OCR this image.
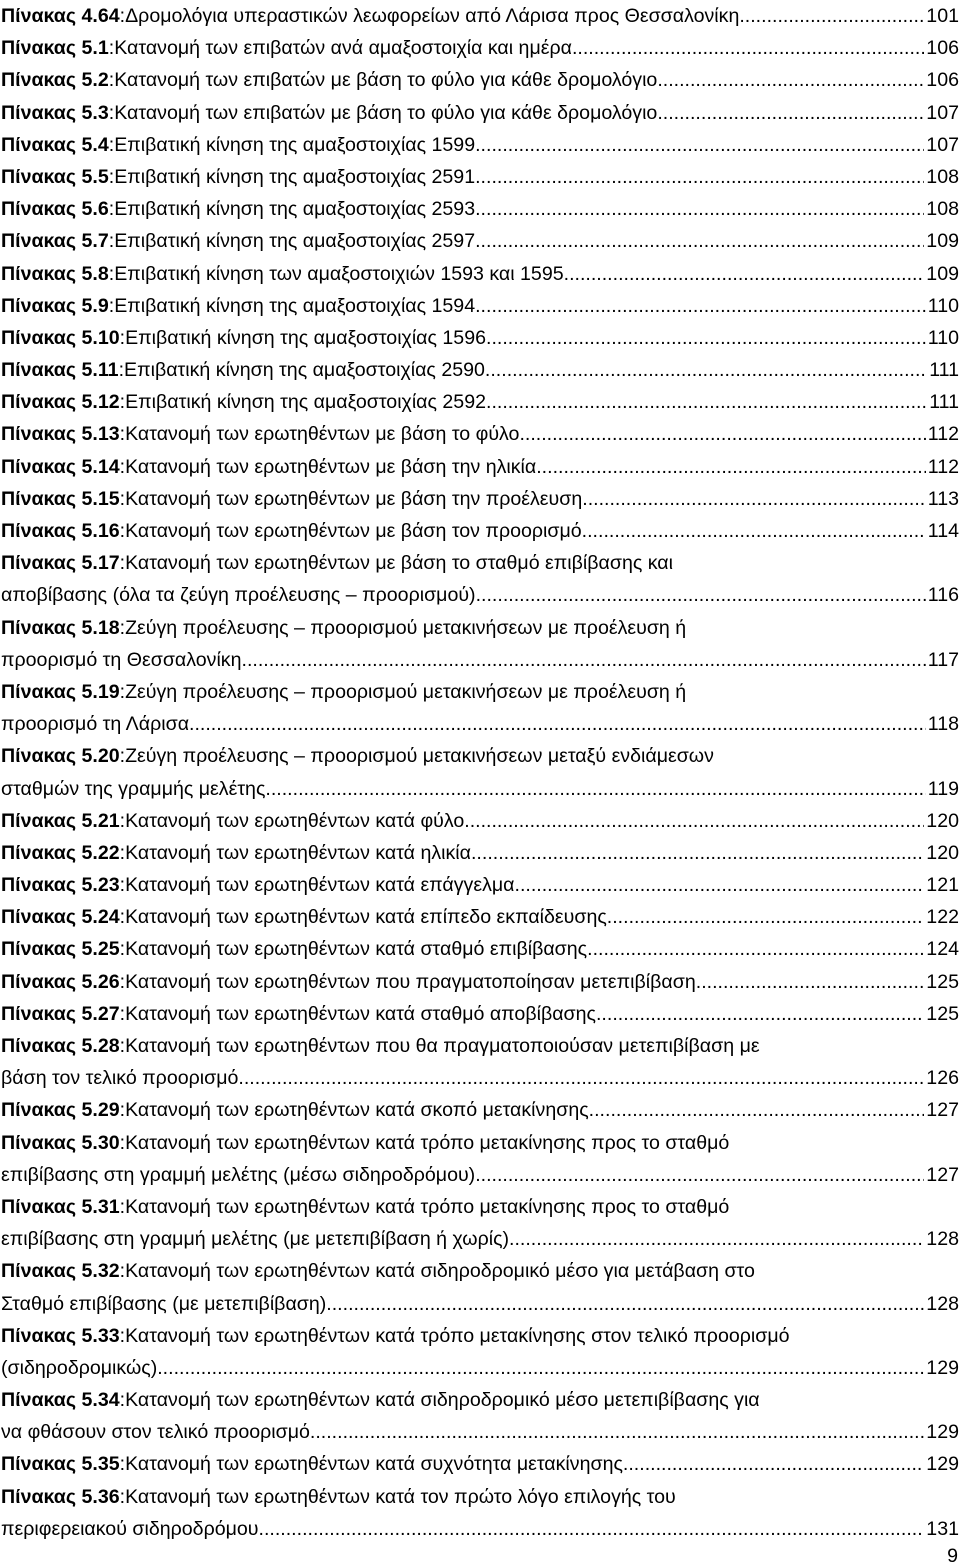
Πίνακας 4. 64 :Δρομολόγια υπεραστικών λεωφορείων από Λάρισα προς Θεσσαλονίκη .....	101
Πίνακας 5. 1 :Κατανομή των επιβατών ανά αμαξοστοιχία και ημέρα .....	106
Πίνακας 5. 2 :Κατανομή των επιβατών με βάση το φύλο για κάθε δρομολόγιο .....	106
Πίνακας 5. 3 :Κατανομή των επιβατών με βάση το φύλο για κάθε δρομολόγιο .....	107
Πίνακας 5. 4 :Επιβατική κίνηση της αμαξοστοιχίας 1599 .....	107
Πίνακας 5. 5 :Επιβατική κίνηση της αμαξοστοιχίας 2591 .....	108
Πίνακας 5. 6 :Επιβατική κίνηση της αμαξοστοιχίας 2593 .....	108
Πίνακας 5. 7 :Επιβατική κίνηση της αμαξοστοιχίας 2597 .....	109
Πίνακας 5. 8 :Επιβατική κίνηση των αμαξοστοιχιών 1593 και 1595 .....	109
Πίνακας 5. 9 :Επιβατική κίνηση της αμαξοστοιχίας 1594 .....	110
Πίνακας 5. 10 :Επιβατική κίνηση της αμαξοστοιχίας 1596 .....	110
Πίνακας 5. 11 :Επιβατική κίνηση της αμαξοστοιχίας 2590 .....	111
Πίνακας 5. 12 :Επιβατική κίνηση της αμαξοστοιχίας 2592 .....	111
Πίνακας 5. 13 :Κατανομή των ερωτηθέντων με βάση το φύλο .....	112
Πίνακας 5. 14 :Κατανομή των ερωτηθέντων με βάση την ηλικία .....	112
Πίνακας 5. 15 :Κατανομή των ερωτηθέντων με βάση την προέλευση .....	113
Πίνακας 5. 16 :Κατανομή των ερωτηθέντων με βάση τον προορισμό .....	114
Πίνακας 5. 17 :Κατανομή των ερωτηθέντων με βάση το σταθμό επιβίβασης και
αποβίβασης (όλα τα ζεύγη προέλευσης – προορισμού) .....	116
Πίνακας 5. 18 :Ζεύγη προέλευσης – προορισμού μετακινήσεων με προέλευση ή
προορισμό τη Θεσσαλονίκη .....	117
Πίνακας 5. 19 :Ζεύγη προέλευσης – προορισμού μετακινήσεων με προέλευση ή
προορισμό τη Λάρισα .....	118
Πίνακας 5. 20 :Ζεύγη προέλευσης – προορισμού μετακινήσεων μεταξύ ενδιάμεσων
σταθμών της γραμμής μελέτης .....	119
Πίνακας 5. 21 :Κατανομή των ερωτηθέντων κατά φύλο .....	120
Πίνακας 5. 22 :Κατανομή των ερωτηθέντων κατά ηλικία .....	120
Πίνακας 5. 23 :Κατανομή των ερωτηθέντων κατά επάγγελμα .....	121
Πίνακας 5. 24 :Κατανομή των ερωτηθέντων κατά επίπεδο εκπαίδευσης .....	122
Πίνακας 5. 25 :Κατανομή των ερωτηθέντων κατά σταθμό επιβίβασης .....	124
Πίνακας 5. 26 :Κατανομή των ερωτηθέντων που πραγματοποίησαν μετεπιβίβαση .....	125
Πίνακας 5. 27 :Κατανομή των ερωτηθέντων κατά σταθμό αποβίβασης .....	125
Πίνακας 5. 28 :Κατανομή των ερωτηθέντων που θα πραγματοποιούσαν μετεπιβίβαση με
βάση τον τελικό προορισμό .....	126
Πίνακας 5. 29 :Κατανομή των ερωτηθέντων κατά σκοπό μετακίνησης .....	127
Πίνακας 5. 30 :Κατανομή των ερωτηθέντων κατά τρόπο μετακίνησης προς το σταθμό
επιβίβασης στη γραμμή μελέτης (μέσω σιδηροδρόμου) .....	127
Πίνακας 5. 31 :Κατανομή των ερωτηθέντων κατά τρόπο μετακίνησης προς το σταθμό
επιβίβασης στη γραμμή μελέτης (με μετεπιβίβαση ή χωρίς) .....	128
Πίνακας 5. 32 :Κατανομή των ερωτηθέντων κατά σιδηροδρομικό μέσο για μετάβαση στο
Σταθμό επιβίβασης (με μετεπιβίβαση) .....	128
Πίνακας 5. 33 :Κατανομή των ερωτηθέντων κατά τρόπο μετακίνησης στον τελικό προορισμό
(σιδηροδρομικώς) .....	129
Πίνακας 5. 34 :Κατανομή των ερωτηθέντων κατά σιδηροδρομικό μέσο μετεπιβίβασης για
να φθάσουν στον τελικό προορισμό .....	129
Πίνακας 5. 35 :Κατανομή των ερωτηθέντων κατά συχνότητα μετακίνησης .....	129
Πίνακας 5. 36 :Κατανομή των ερωτηθέντων κατά τον πρώτο λόγο επιλογής του
περιφερειακού σιδηροδρόμου .....	131
9
